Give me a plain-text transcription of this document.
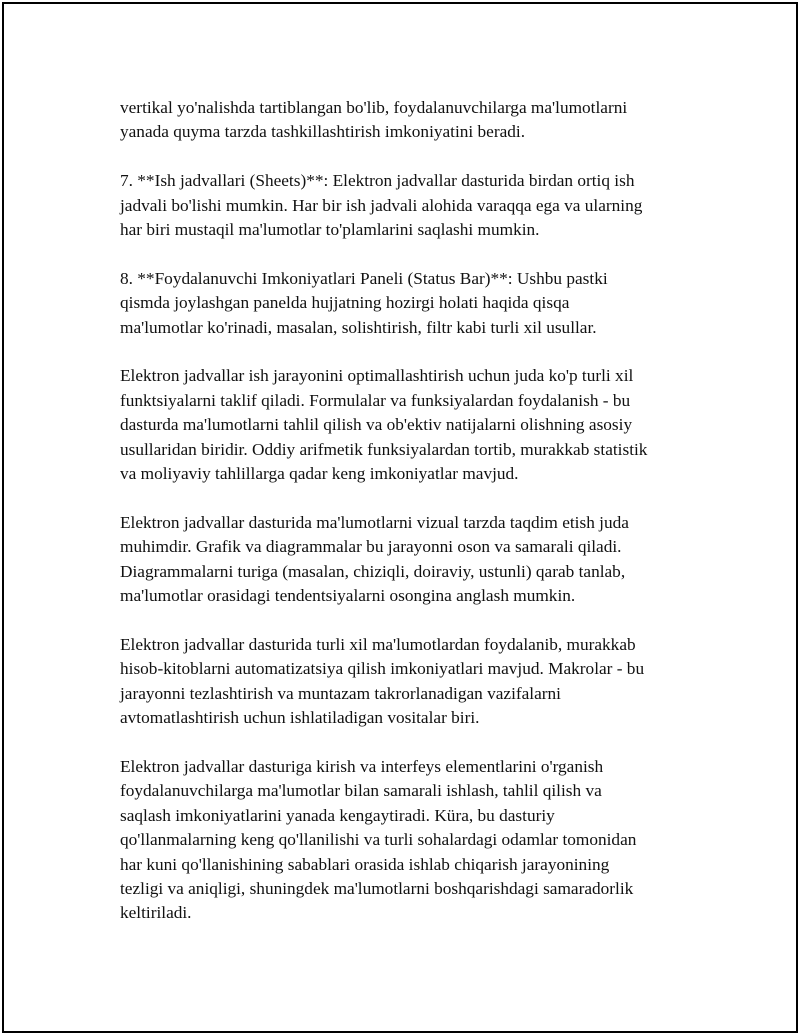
vertikal yo'nalishda tartiblangan bo'lib, foydalanuvchilarga ma'lumotlarni
yanada quyma tarzda tashkillashtirish imkoniyatini beradi.

7. **Ish jadvallari (Sheets)**: Elektron jadvallar dasturida birdan ortiq ish
jadvali bo'lishi mumkin. Har bir ish jadvali alohida varaqqa ega va ularning
har biri mustaqil ma'lumotlar to'plamlarini saqlashi mumkin.

8. **Foydalanuvchi Imkoniyatlari Paneli (Status Bar)**: Ushbu pastki
qismda joylashgan panelda hujjatning hozirgi holati haqida qisqa
ma'lumotlar ko'rinadi, masalan, solishtirish, filtr kabi turli xil usullar.

Elektron jadvallar ish jarayonini optimallashtirish uchun juda ko'p turli xil
funktsiyalarni taklif qiladi. Formulalar va funksiyalardan foydalanish - bu
dasturda ma'lumotlarni tahlil qilish va ob'ektiv natijalarni olishning asosiy
usullaridan biridir. Oddiy arifmetik funksiyalardan tortib, murakkab statistik
va moliyaviy tahlillarga qadar keng imkoniyatlar mavjud.

Elektron jadvallar dasturida ma'lumotlarni vizual tarzda taqdim etish juda
muhimdir. Grafik va diagrammalar bu jarayonni oson va samarali qiladi.
Diagrammalarni turiga (masalan, chiziqli, doiraviy, ustunli) qarab tanlab,
ma'lumotlar orasidagi tendentsiyalarni osongina anglash mumkin.

Elektron jadvallar dasturida turli xil ma'lumotlardan foydalanib, murakkab
hisob-kitoblarni automatizatsiya qilish imkoniyatlari mavjud. Makrolar - bu
jarayonni tezlashtirish va muntazam takrorlanadigan vazifalarni
avtomatlashtirish uchun ishlatiladigan vositalar biri.

Elektron jadvallar dasturiga kirish va interfeys elementlarini o'rganish
foydalanuvchilarga ma'lumotlar bilan samarali ishlash, tahlil qilish va
saqlash imkoniyatlarini yanada kengaytiradi. Küra, bu dasturiy
qo'llanmalarning keng qo'llanilishi va turli sohalardagi odamlar tomonidan
har kuni qo'llanishining sabablari orasida ishlab chiqarish jarayonining
tezligi va aniqligi, shuningdek ma'lumotlarni boshqarishdagi samaradorlik
keltiriladi.
